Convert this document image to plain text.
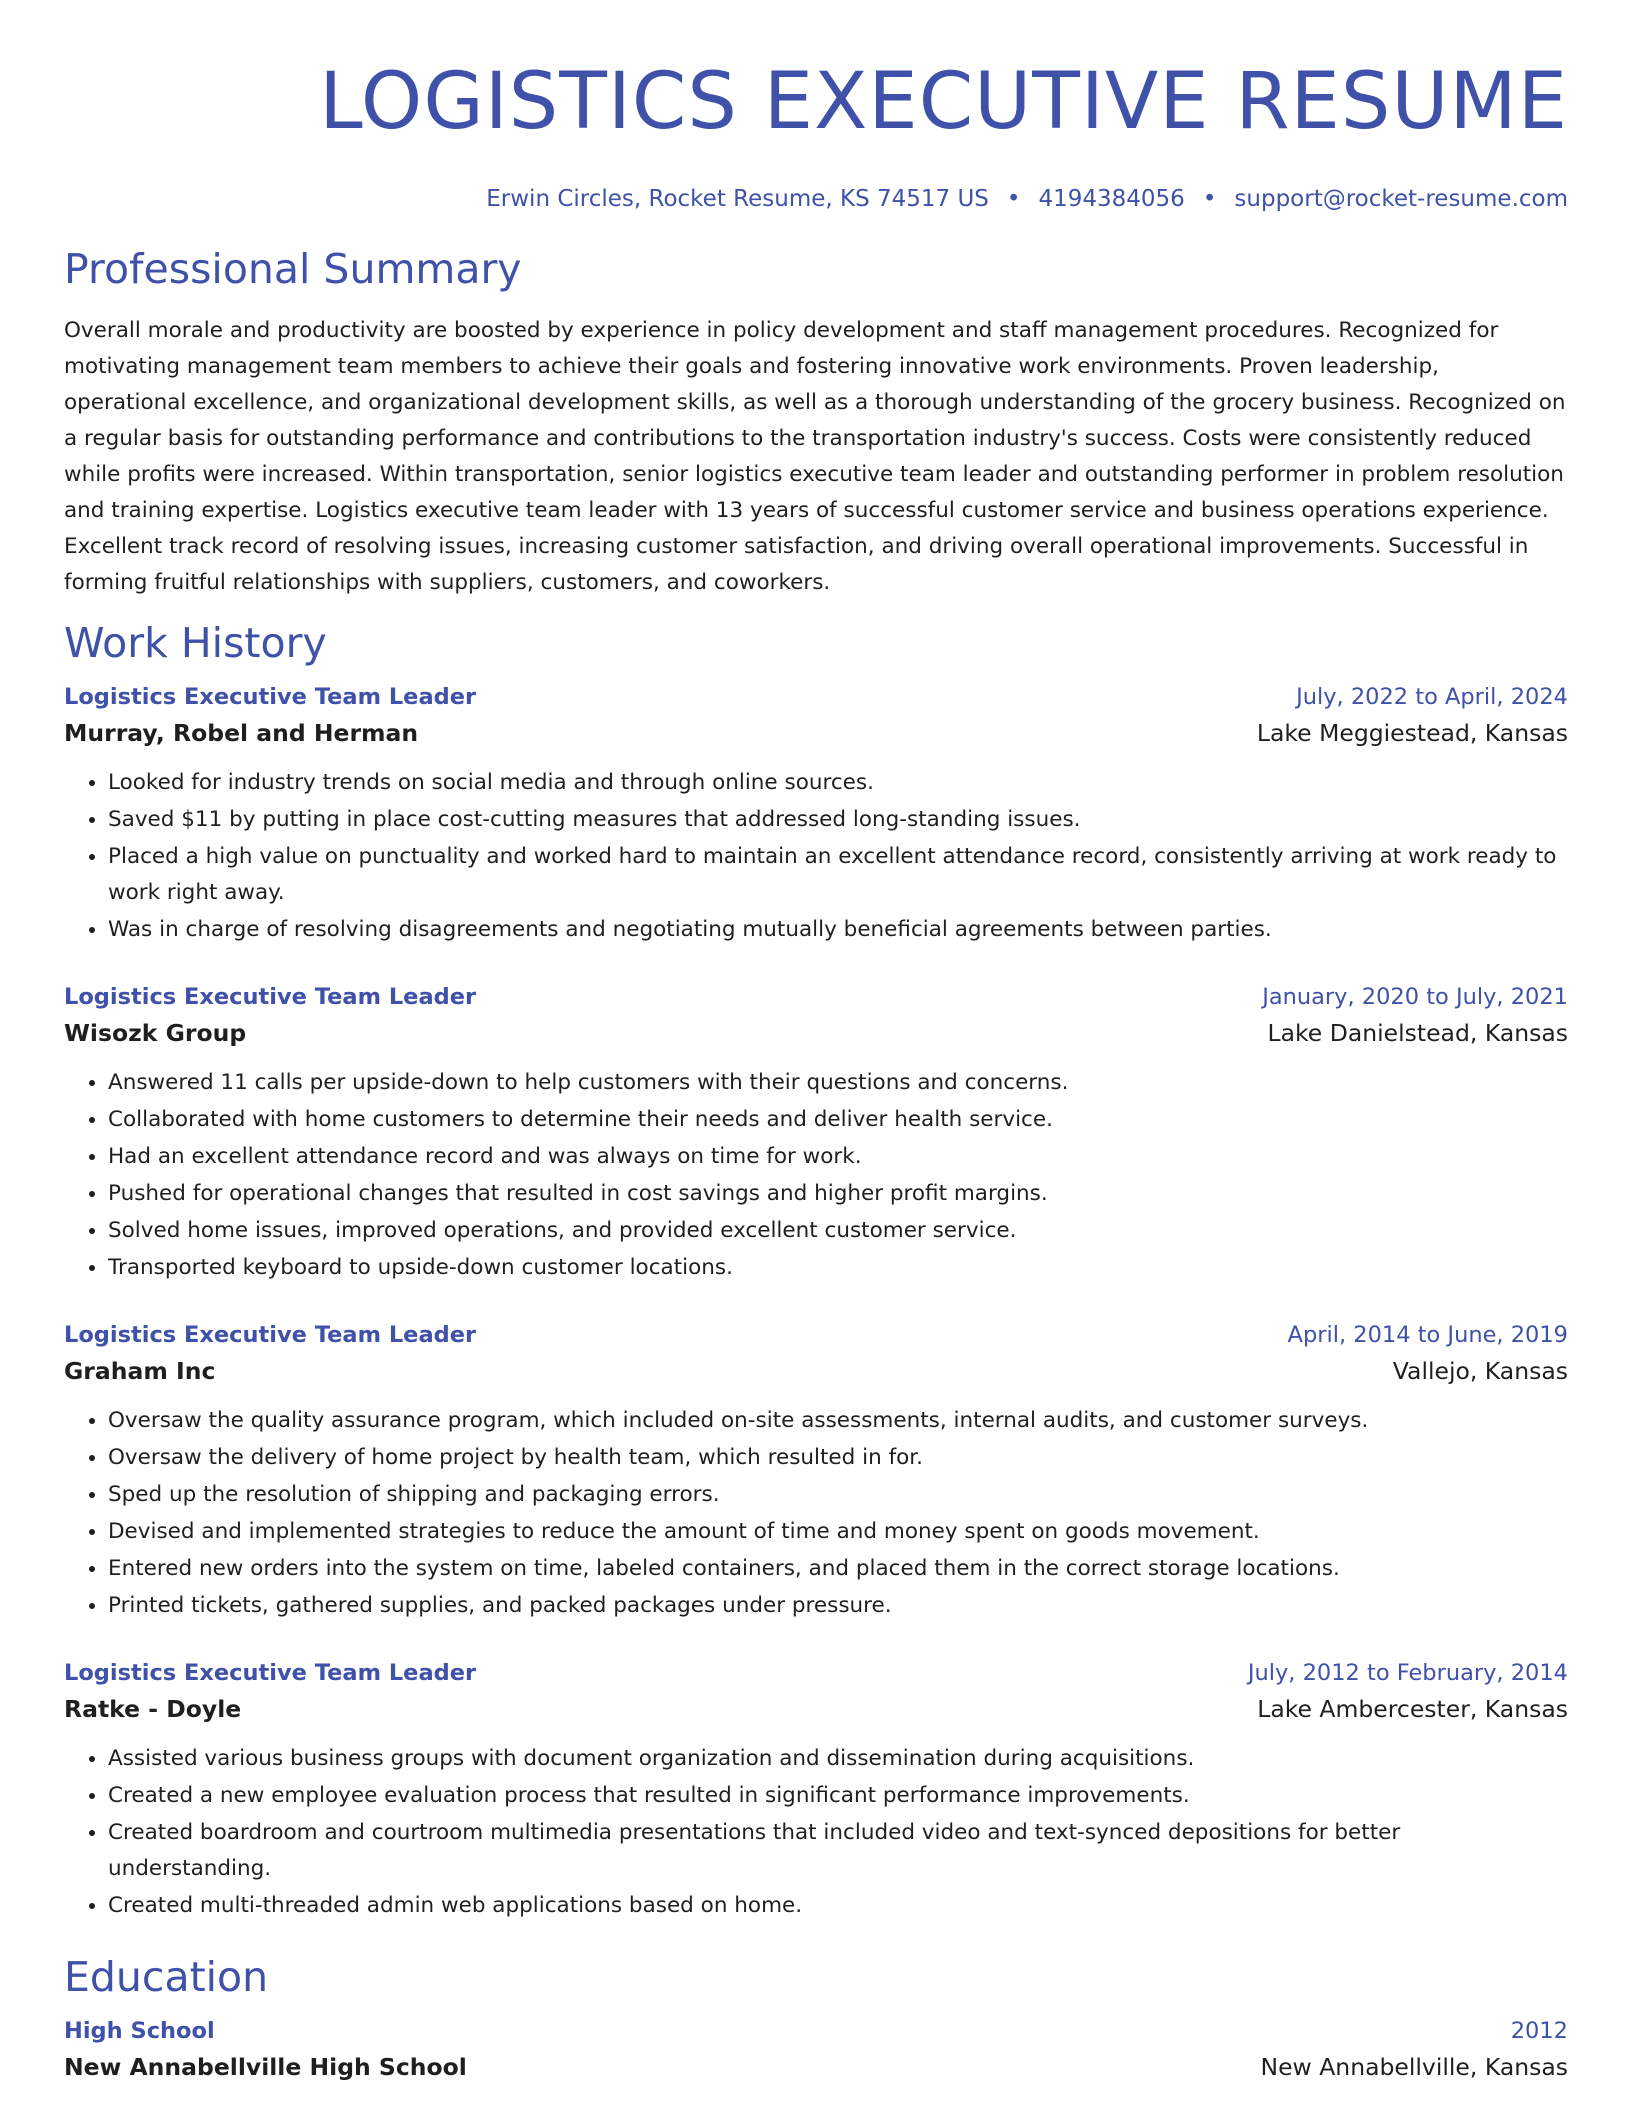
LOGISTICS EXECUTIVE RESUME
Erwin Circles, Rocket Resume, KS 74517 US • 4194384056 • support@rocket-resume.com
Professional Summary

Overall morale and productivity are boosted by experience in policy development and staff management procedures. Recognized for motivating management team members to achieve their goals and fostering innovative work environments. Proven leadership, operational excellence, and organizational development skills, as well as a thorough understanding of the grocery business. Recognized on a regular basis for outstanding performance and contributions to the transportation industry's success. Costs were consistently reduced while profits were increased. Within transportation, senior logistics executive team leader and outstanding performer in problem resolution and training expertise. Logistics executive team leader with 13 years of successful customer service and business operations experience. Excellent track record of resolving issues, increasing customer satisfaction, and driving overall operational improvements. Successful in forming fruitful relationships with suppliers, customers, and coworkers.

Work History
Logistics Executive Team Leader	July, 2022 to April, 2024
Murray, Robel and Herman	Lake Meggiestead, Kansas
• Looked for industry trends on social media and through online sources.
• Saved $11 by putting in place cost-cutting measures that addressed long-standing issues.
• Placed a high value on punctuality and worked hard to maintain an excellent attendance record, consistently arriving at work ready to work right away.
• Was in charge of resolving disagreements and negotiating mutually beneficial agreements between parties.
Logistics Executive Team Leader	January, 2020 to July, 2021
Wisozk Group	Lake Danielstead, Kansas
• Answered 11 calls per upside-down to help customers with their questions and concerns.
• Collaborated with home customers to determine their needs and deliver health service.
• Had an excellent attendance record and was always on time for work.
• Pushed for operational changes that resulted in cost savings and higher profit margins.
• Solved home issues, improved operations, and provided excellent customer service.
• Transported keyboard to upside-down customer locations.
Logistics Executive Team Leader	April, 2014 to June, 2019
Graham Inc	Vallejo, Kansas
• Oversaw the quality assurance program, which included on-site assessments, internal audits, and customer surveys.
• Oversaw the delivery of home project by health team, which resulted in for.
• Sped up the resolution of shipping and packaging errors.
• Devised and implemented strategies to reduce the amount of time and money spent on goods movement.
• Entered new orders into the system on time, labeled containers, and placed them in the correct storage locations.
• Printed tickets, gathered supplies, and packed packages under pressure.
Logistics Executive Team Leader	July, 2012 to February, 2014
Ratke - Doyle	Lake Ambercester, Kansas
• Assisted various business groups with document organization and dissemination during acquisitions.
• Created a new employee evaluation process that resulted in significant performance improvements.
• Created boardroom and courtroom multimedia presentations that included video and text-synced depositions for better understanding.
• Created multi-threaded admin web applications based on home.
Education
High School	2012
New Annabellville High School	New Annabellville, Kansas
